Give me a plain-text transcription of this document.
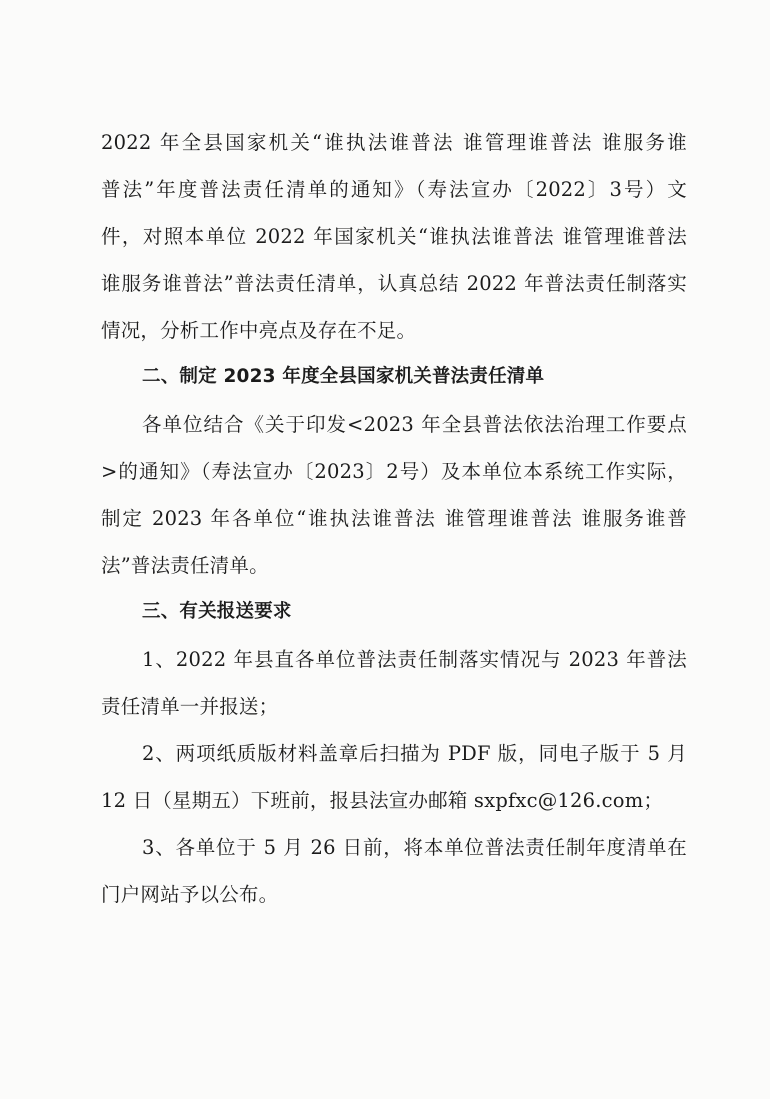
2022 年全县国家机关“谁执法谁普法 谁管理谁普法 谁服务谁
普法”年度普法责任清单的通知》（寿法宣办〔2022〕3号）文
件，对照本单位 2022 年国家机关“谁执法谁普法 谁管理谁普法
谁服务谁普法”普法责任清单，认真总结 2022 年普法责任制落实
情况，分析工作中亮点及存在不足。
二、制定 2023 年度全县国家机关普法责任清单
各单位结合《关于印发<2023 年全县普法依法治理工作要点
>的通知》（寿法宣办〔2023〕2号）及本单位本系统工作实际，
制定 2023 年各单位“谁执法谁普法 谁管理谁普法 谁服务谁普
法”普法责任清单。
三、有关报送要求
1、2022 年县直各单位普法责任制落实情况与 2023 年普法
责任清单一并报送；
2、两项纸质版材料盖章后扫描为 PDF 版，同电子版于 5 月
12 日（星期五）下班前，报县法宣办邮箱 sxpfxc@126.com；
3、各单位于 5 月 26 日前，将本单位普法责任制年度清单在
门户网站予以公布。
